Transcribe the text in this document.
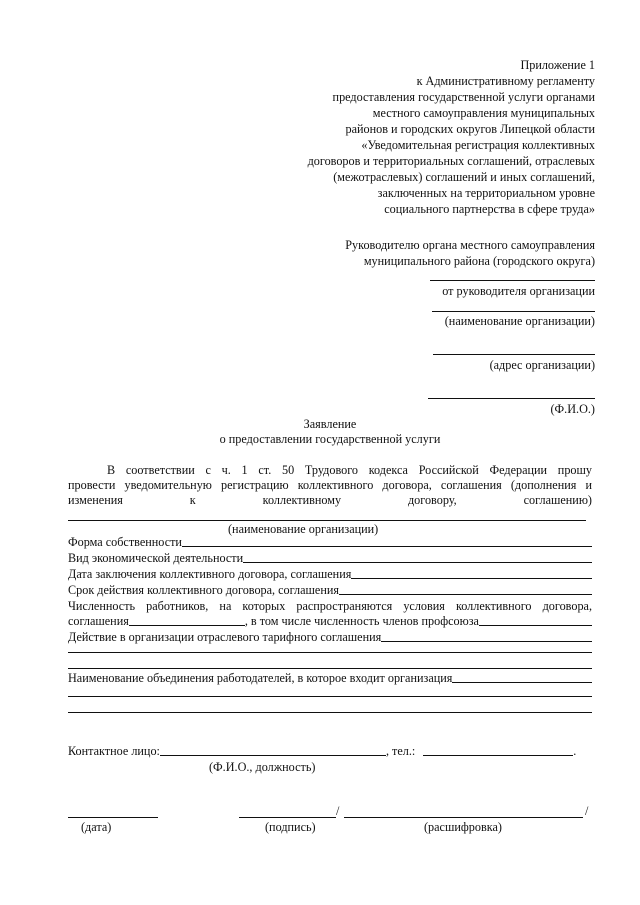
Приложение 1
к Административному регламенту
предоставления государственной услуги органами
местного самоуправления муниципальных
районов и городских округов Липецкой области
«Уведомительная регистрация коллективных
договоров и территориальных соглашений, отраслевых
(межотраслевых) соглашений и иных соглашений,
заключенных на территориальном уровне
социального партнерства в сфере труда»
Руководителю органа местного самоуправления
муниципального района (городского округа)
от руководителя организации
(наименование организации)
(адрес организации)
(Ф.И.О.)
Заявление
о предоставлении государственной услуги
В соответствии с ч. 1 ст. 50 Трудового кодекса Российской Федерации прошу
провести уведомительную регистрацию коллективного договора, соглашения (дополнения и
изменения к коллективному договору, соглашению)
(наименование организации)
Форма собственности
Вид экономической деятельности
Дата заключения коллективного договора, соглашения
Срок действия коллективного договора, соглашения
Численность работников, на которых распространяются условия коллективного договора,
соглашения	, в том числе численность членов профсоюза
Действие в организации отраслевого тарифного соглашения
Наименование объединения работодателей, в которое входит организация
Контактное лицо:	, тел.:	.
(Ф.И.О., должность)
/	/
(дата)	(подпись)	(расшифровка)
